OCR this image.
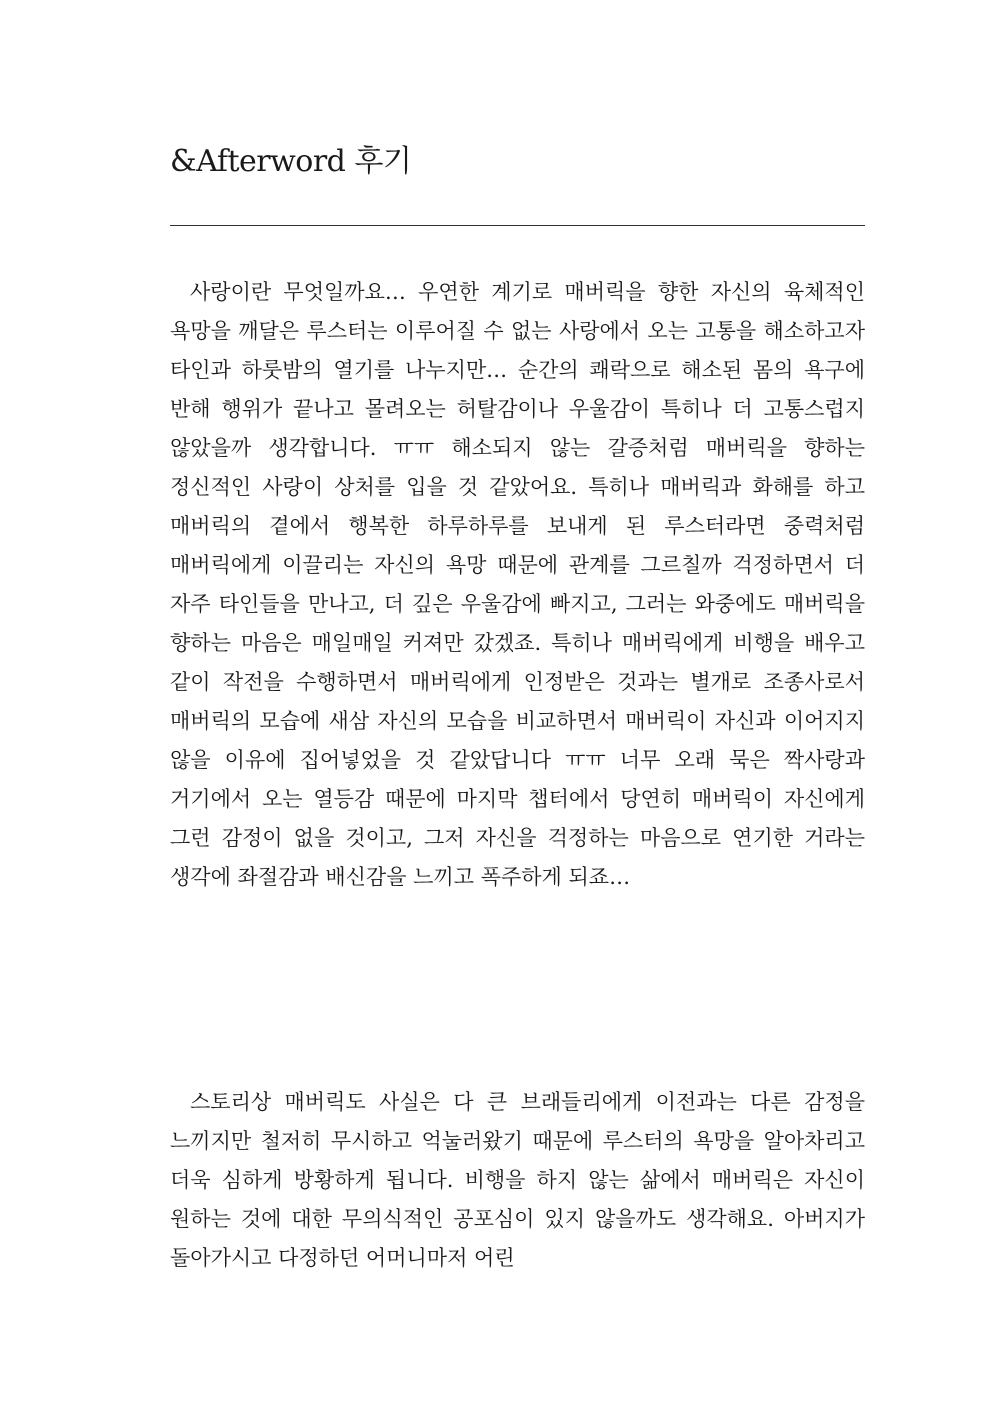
&Afterword 후기

사랑이란 무엇일까요… 우연한 계기로 매버릭을 향한 자신의 육체적인 욕망을 깨달은 루스터는 이루어질 수 없는 사랑에서 오는 고통을 해소하고자 타인과 하룻밤의 열기를 나누지만… 순간의 쾌락으로 해소된 몸의 욕구에 반해 행위가 끝나고 몰려오는 허탈감이나 우울감이 특히나 더 고통스럽지 않았을까 생각합니다. ㅠㅠ 해소되지 않는 갈증처럼 매버릭을 향하는 정신적인 사랑이 상처를 입을 것 같았어요. 특히나 매버릭과 화해를 하고 매버릭의 곁에서 행복한 하루하루를 보내게 된 루스터라면 중력처럼 매버릭에게 이끌리는 자신의 욕망 때문에 관계를 그르칠까 걱정하면서 더 자주 타인들을 만나고, 더 깊은 우울감에 빠지고, 그러는 와중에도 매버릭을 향하는 마음은 매일매일 커져만 갔겠죠. 특히나 매버릭에게 비행을 배우고 같이 작전을 수행하면서 매버릭에게 인정받은 것과는 별개로 조종사로서 매버릭의 모습에 새삼 자신의 모습을 비교하면서 매버릭이 자신과 이어지지 않을 이유에 집어넣었을 것 같았답니다 ㅠㅠ 너무 오래 묵은 짝사랑과 거기에서 오는 열등감 때문에 마지막 챕터에서 당연히 매버릭이 자신에게 그런 감정이 없을 것이고, 그저 자신을 걱정하는 마음으로 연기한 거라는 생각에 좌절감과 배신감을 느끼고 폭주하게 되죠…

스토리상 매버릭도 사실은 다 큰 브래들리에게 이전과는 다른 감정을 느끼지만 철저히 무시하고 억눌러왔기 때문에 루스터의 욕망을 알아차리고 더욱 심하게 방황하게 됩니다. 비행을 하지 않는 삶에서 매버릭은 자신이 원하는 것에 대한 무의식적인 공포심이 있지 않을까도 생각해요. 아버지가 돌아가시고 다정하던 어머니마저 어린
